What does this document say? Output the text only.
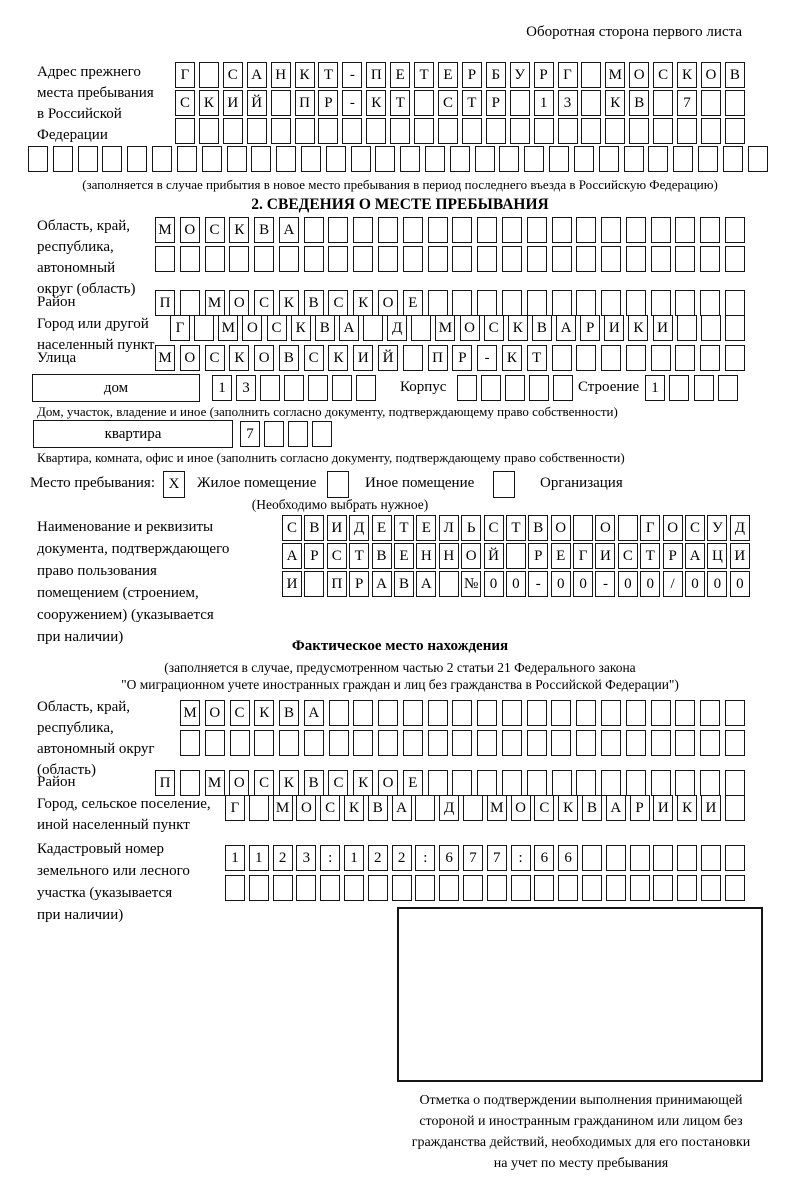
Оборотная сторона первого листа
Адрес прежнего
места пребывания
в Российской
Федерации
Г	С А Н К Т	-	П Е Т Е	Р	Б У Р	Г	М О С К О В
С К И Й	П Р	-	К Т	С Т	Р	1	3	К В	7
(заполняется в случае прибытия в новое место пребывания в период последнего въезда в Российскую Федерацию)
2. СВЕДЕНИЯ О МЕСТЕ ПРЕБЫВАНИЯ
Область, край,
республика,
автономный
округ (область)
М О С К В А
Район	П	М О С К В С К О Е
Город или другой
населенный пункт
Г	М О С К В А	Д	М О С К В А Р И К И
Улица	М О С К О В С К И Й	П	Р	-	К	Т
дом	1	3	Корпус	Строение 1
Дом, участок, владение и иное (заполнить согласно документу, подтверждающему право собственности)
квартира	7
Квартира, комната, офис и иное (заполнить согласно документу, подтверждающему право собственности)
Место пребывания: X	Жилое помещение	Иное помещение	Организация
(Необходимо выбрать нужное)
Наименование и реквизиты
документа, подтверждающего
право пользования
помещением (строением,
сооружением) (указывается
при наличии)
С В И Д Е Т Е Л Ь С Т В О	О	Г О С У Д
А Р С Т В Е Н Н О Й	Р Е Г И С Т Р А Ц И
И	П Р А В А	№ 0 0	-	0 0	-	0 0	/	0 0 0
Фактическое место нахождения
(заполняется в случае, предусмотренном частью 2 статьи 21 Федерального закона
"О миграционном учете иностранных граждан и лиц без гражданства в Российской Федерации")
Область, край,
республика,
автономный округ
(область)
М О С К В А
Район	П	М О С К В С К О Е
Город, сельское поселение,
иной населенный пункт
Г	М О С К В А	Д	М О С К В А Р И К И
Кадастровый номер
земельного или лесного
участка (указывается
при наличии)
1	1	2	3	:	1	2	2	:	6	7	7	:	6	6
Отметка о подтверждении выполнения принимающей
стороной и иностранным гражданином или лицом без
гражданства действий, необходимых для его постановки
на учет по месту пребывания
